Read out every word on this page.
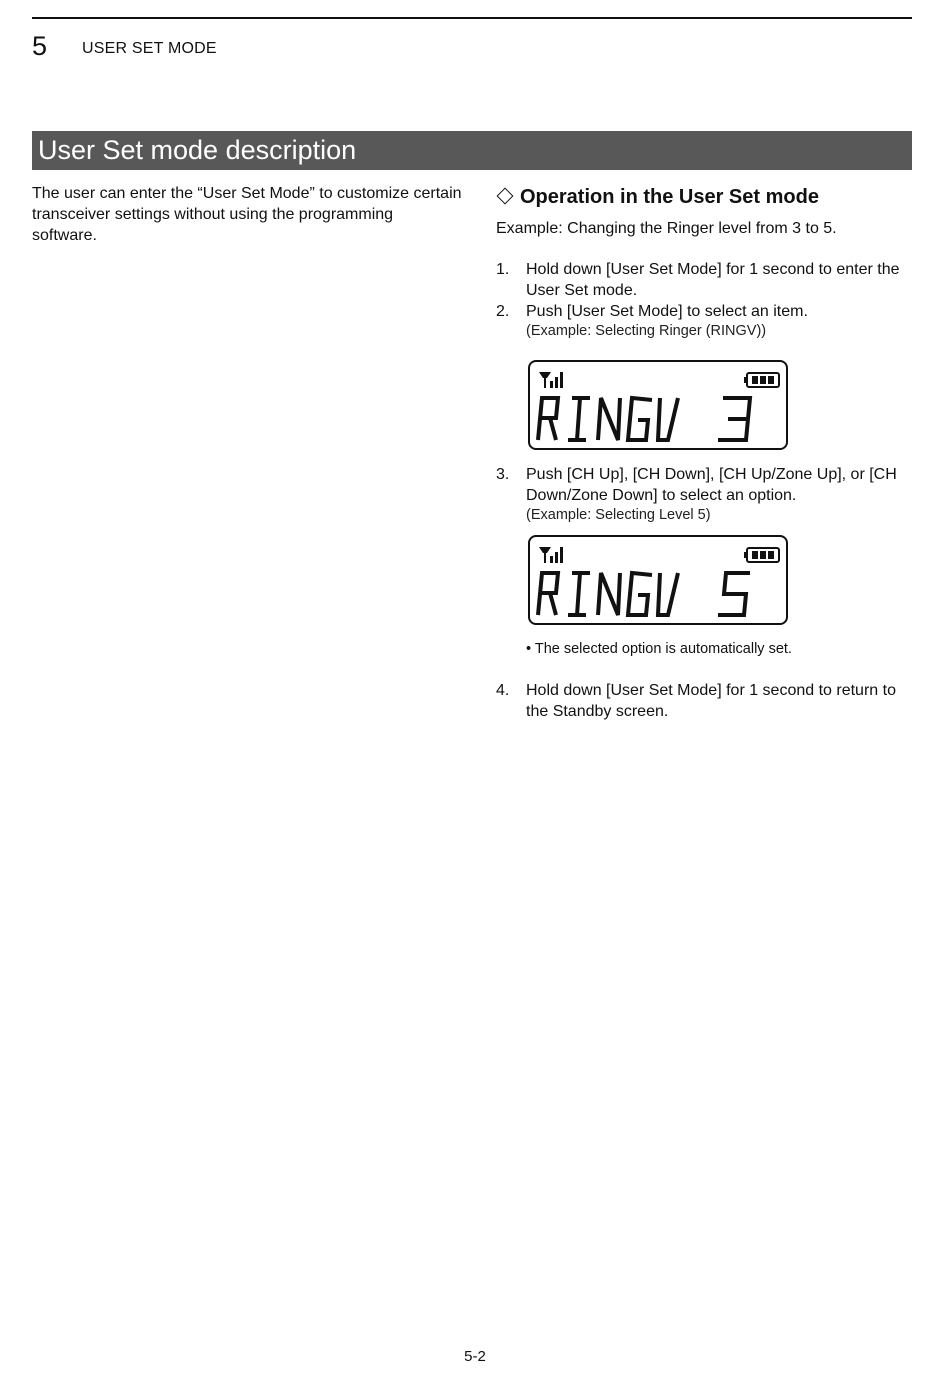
5 USER SET MODE
User Set mode description
The user can enter the “User Set Mode” to customize certain transceiver settings without using the programming software.
Operation in the User Set mode
Example: Changing the Ringer level from 3 to 5.
1. Hold down [User Set Mode] for 1 second to enter the User Set mode.
2. Push [User Set Mode] to select an item.
(Example: Selecting Ringer (RINGV))
3. Push [CH Up], [CH Down], [CH Up/Zone Up], or [CH Down/Zone Down] to select an option.
(Example: Selecting Level 5)
• The selected option is automatically set.
4. Hold down [User Set Mode] for 1 second to return to the Standby screen.
5-2
